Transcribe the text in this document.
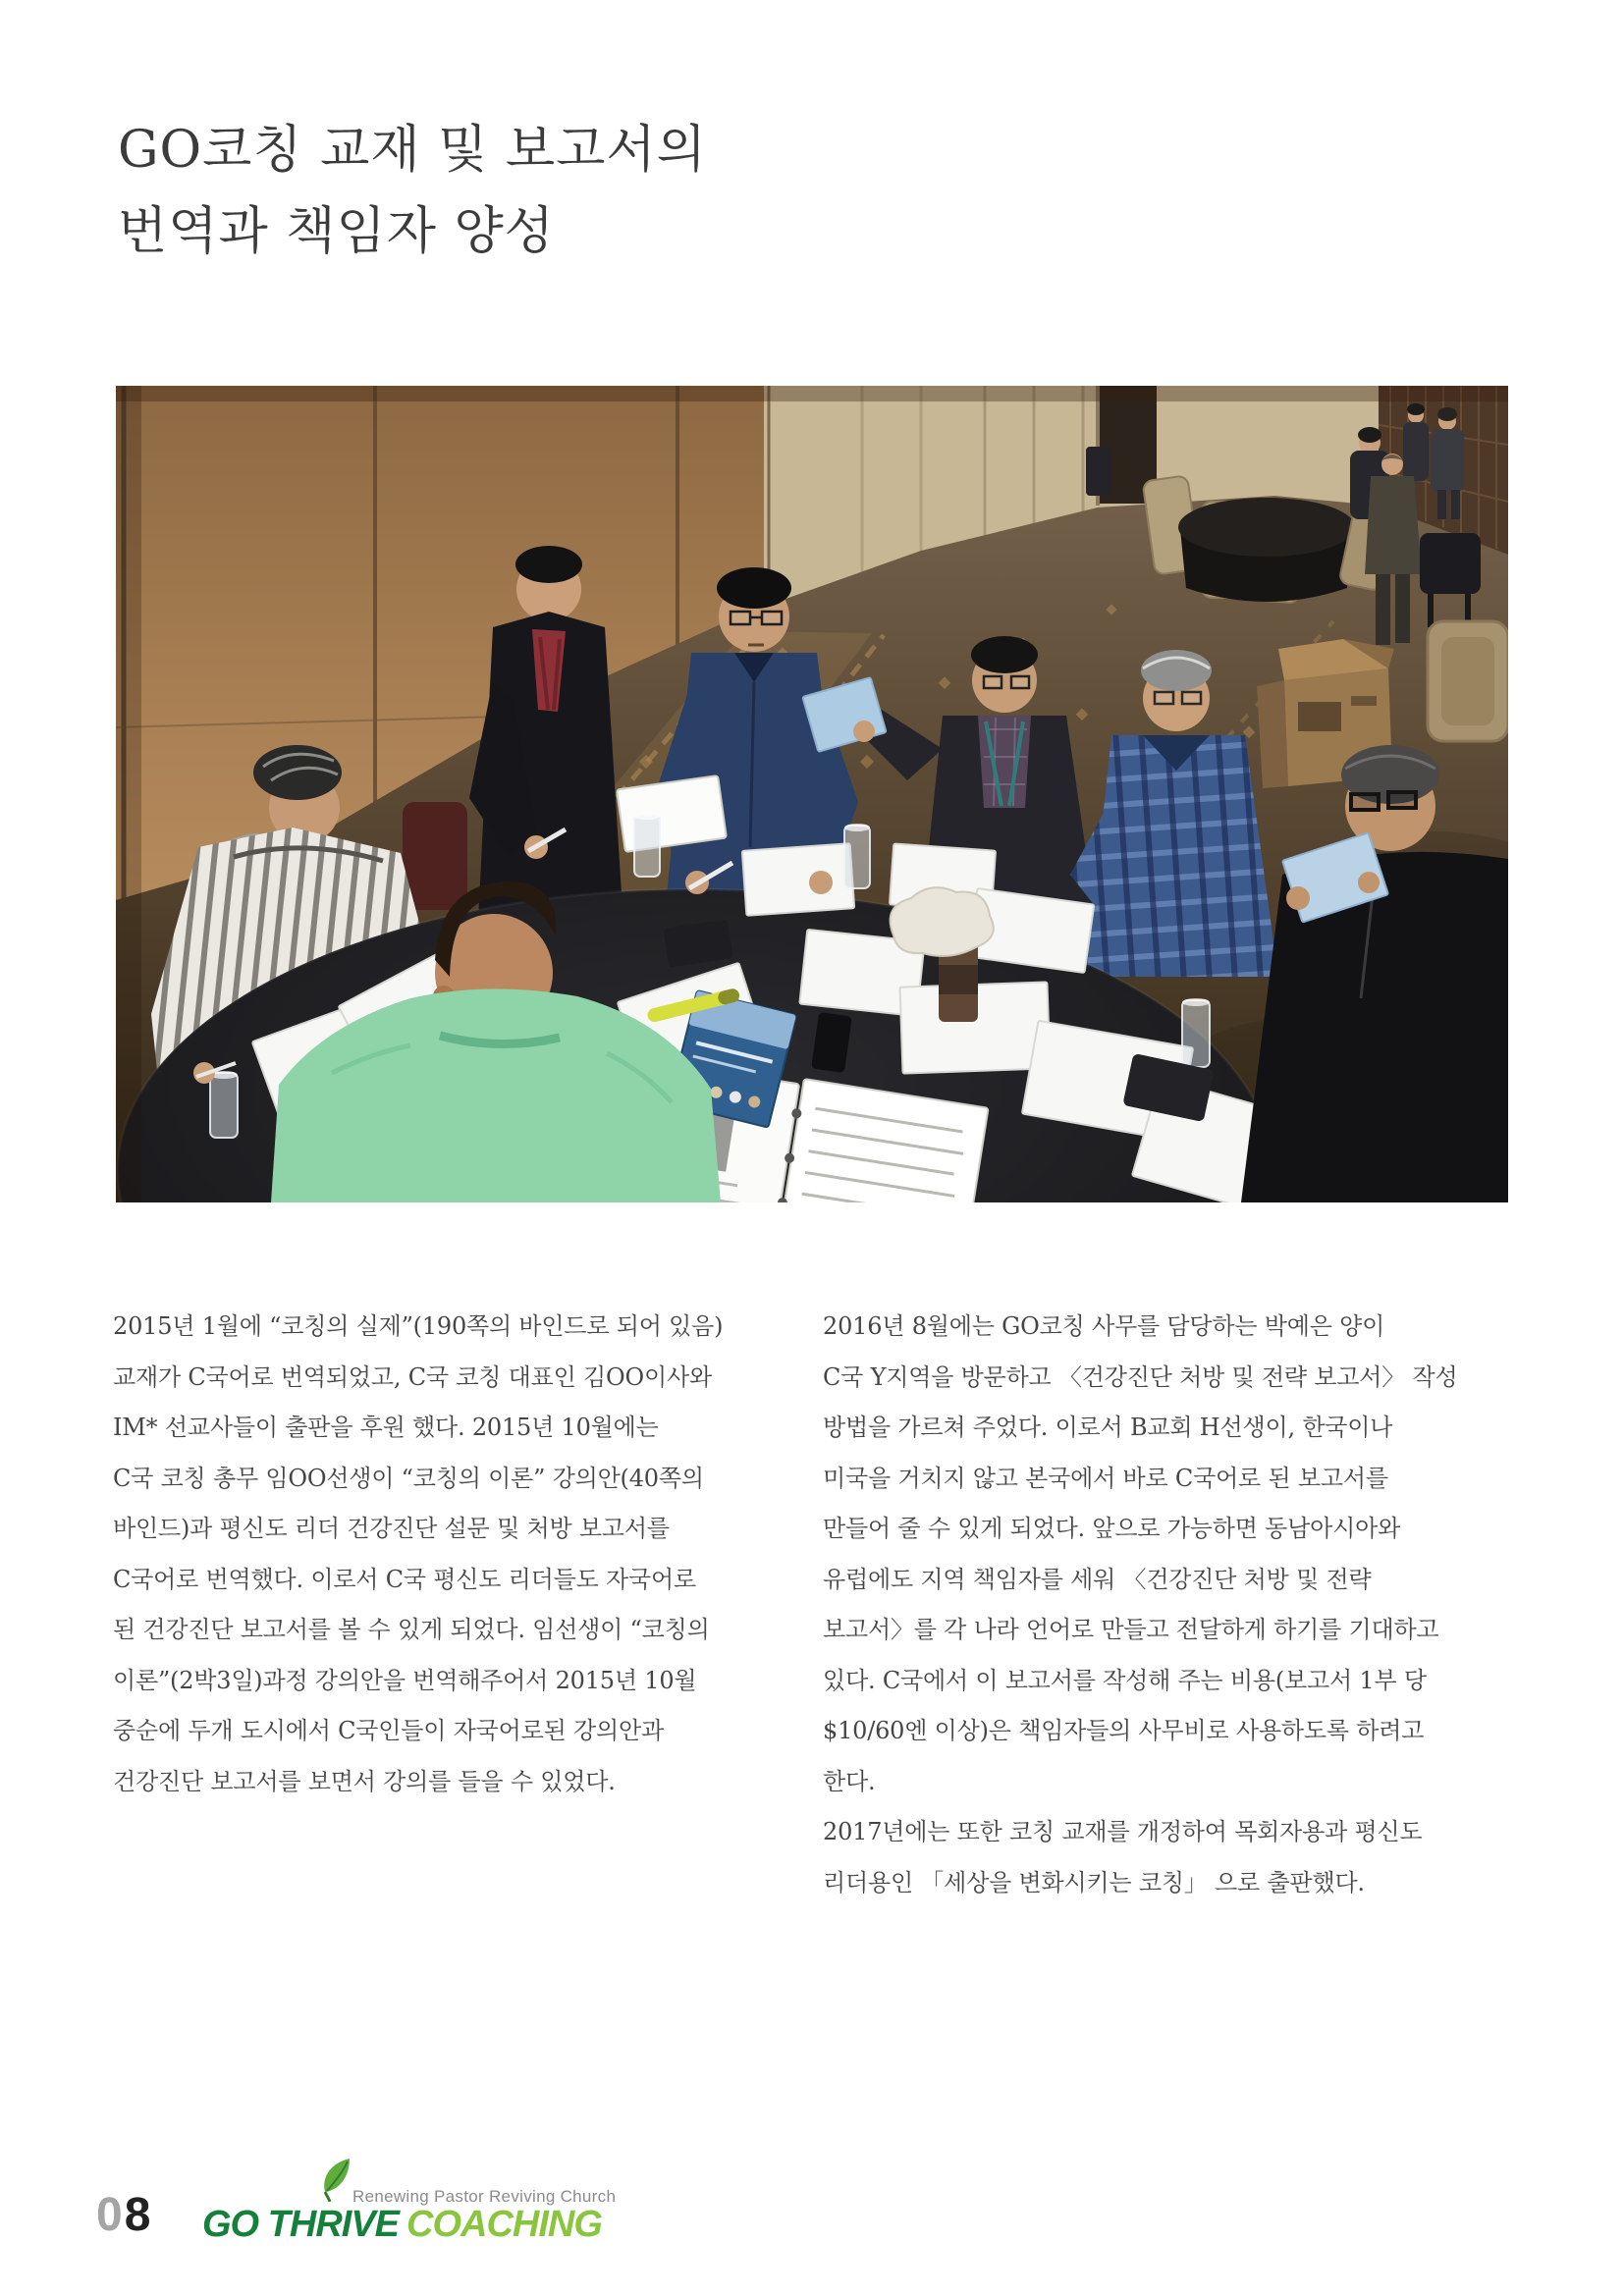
GO코칭 교재 및 보고서의
번역과 책임자 양성
2015년 1월에 “코칭의 실제”(190쪽의 바인드로 되어 있음)
교재가 C국어로 번역되었고, C국 코칭 대표인 김OO이사와
IM* 선교사들이 출판을 후원 했다. 2015년 10월에는
C국 코칭 총무 임OO선생이 “코칭의 이론” 강의안(40쪽의
바인드)과 평신도 리더 건강진단 설문 및 처방 보고서를
C국어로 번역했다. 이로서 C국 평신도 리더들도 자국어로
된 건강진단 보고서를 볼 수 있게 되었다. 임선생이 “코칭의
이론”(2박3일)과정 강의안을 번역해주어서 2015년 10월
중순에 두개 도시에서 C국인들이 자국어로된 강의안과
건강진단 보고서를 보면서 강의를 들을 수 있었다.
2016년 8월에는 GO코칭 사무를 담당하는 박예은 양이
C국 Y지역을 방문하고 〈건강진단 처방 및 전략 보고서〉 작성
방법을 가르쳐 주었다. 이로서 B교회 H선생이, 한국이나
미국을 거치지 않고 본국에서 바로 C국어로 된 보고서를
만들어 줄 수 있게 되었다. 앞으로 가능하면 동남아시아와
유럽에도 지역 책임자를 세워 〈건강진단 처방 및 전략
보고서〉를 각 나라 언어로 만들고 전달하게 하기를 기대하고
있다. C국에서 이 보고서를 작성해 주는 비용(보고서 1부 당
$10/60엔 이상)은 책임자들의 사무비로 사용하도록 하려고
한다.
2017년에는 또한 코칭 교재를 개정하여 목회자용과 평신도
리더용인 「세상을 변화시키는 코칭」 으로 출판했다.
08	Renewing Pastor Reviving Church
GO THRIVE COACHING
